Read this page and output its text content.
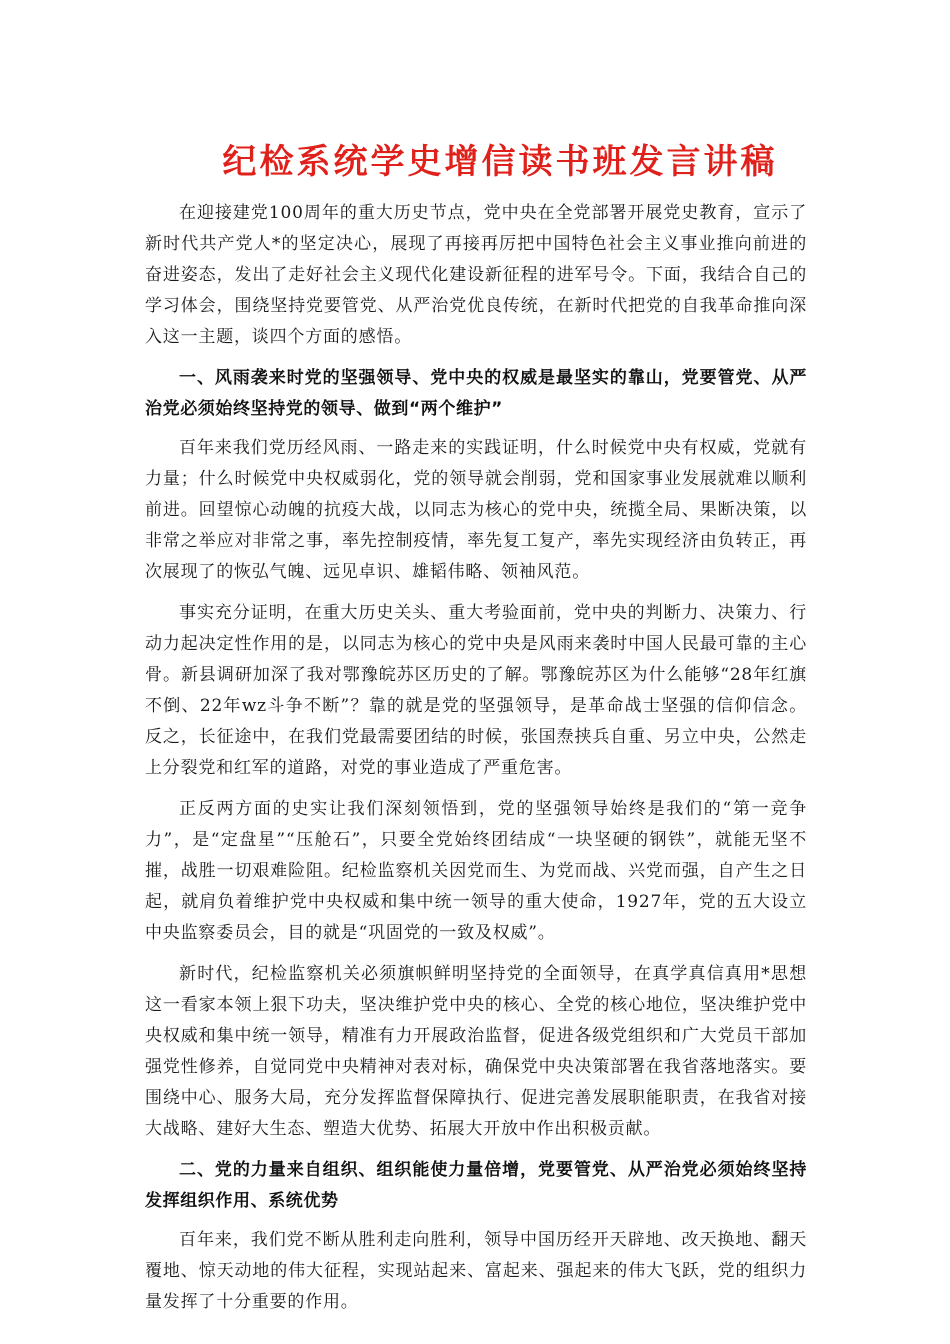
纪检系统学史增信读书班发言讲稿

在迎接建党100周年的重大历史节点，党中央在全党部署开展党史教育，宣示了新时代共产党人*的坚定决心，展现了再接再厉把中国特色社会主义事业推向前进的奋进姿态，发出了走好社会主义现代化建设新征程的进军号令。下面，我结合自己的学习体会，围绕坚持党要管党、从严治党优良传统，在新时代把党的自我革命推向深入这一主题，谈四个方面的感悟。

一、风雨袭来时党的坚强领导、党中央的权威是最坚实的靠山，党要管党、从严治党必须始终坚持党的领导、做到“两个维护”

百年来我们党历经风雨、一路走来的实践证明，什么时候党中央有权威，党就有力量；什么时候党中央权威弱化，党的领导就会削弱，党和国家事业发展就难以顺利前进。回望惊心动魄的抗疫大战，以同志为核心的党中央，统揽全局、果断决策，以非常之举应对非常之事，率先控制疫情，率先复工复产，率先实现经济由负转正，再次展现了的恢弘气魄、远见卓识、雄韬伟略、领袖风范。

事实充分证明，在重大历史关头、重大考验面前，党中央的判断力、决策力、行动力起决定性作用的是，以同志为核心的党中央是风雨来袭时中国人民最可靠的主心骨。新县调研加深了我对鄂豫皖苏区历史的了解。鄂豫皖苏区为什么能够“28年红旗不倒、22年wz斗争不断”？靠的就是党的坚强领导，是革命战士坚强的信仰信念。反之，长征途中，在我们党最需要团结的时候，张国焘挟兵自重、另立中央，公然走上分裂党和红军的道路，对党的事业造成了严重危害。

正反两方面的史实让我们深刻领悟到，党的坚强领导始终是我们的“第一竞争力”，是“定盘星”“压舱石”，只要全党始终团结成“一块坚硬的钢铁”，就能无坚不摧，战胜一切艰难险阻。纪检监察机关因党而生、为党而战、兴党而强，自产生之日起，就肩负着维护党中央权威和集中统一领导的重大使命，1927年，党的五大设立中央监察委员会，目的就是“巩固党的一致及权威”。

新时代，纪检监察机关必须旗帜鲜明坚持党的全面领导，在真学真信真用*思想这一看家本领上狠下功夫，坚决维护党中央的核心、全党的核心地位，坚决维护党中央权威和集中统一领导，精准有力开展政治监督，促进各级党组织和广大党员干部加强党性修养，自觉同党中央精神对表对标，确保党中央决策部署在我省落地落实。要围绕中心、服务大局，充分发挥监督保障执行、促进完善发展职能职责，在我省对接大战略、建好大生态、塑造大优势、拓展大开放中作出积极贡献。

二、党的力量来自组织、组织能使力量倍增，党要管党、从严治党必须始终坚持发挥组织作用、系统优势

百年来，我们党不断从胜利走向胜利，领导中国历经开天辟地、改天换地、翻天覆地、惊天动地的伟大征程，实现站起来、富起来、强起来的伟大飞跃，党的组织力量发挥了十分重要的作用。
